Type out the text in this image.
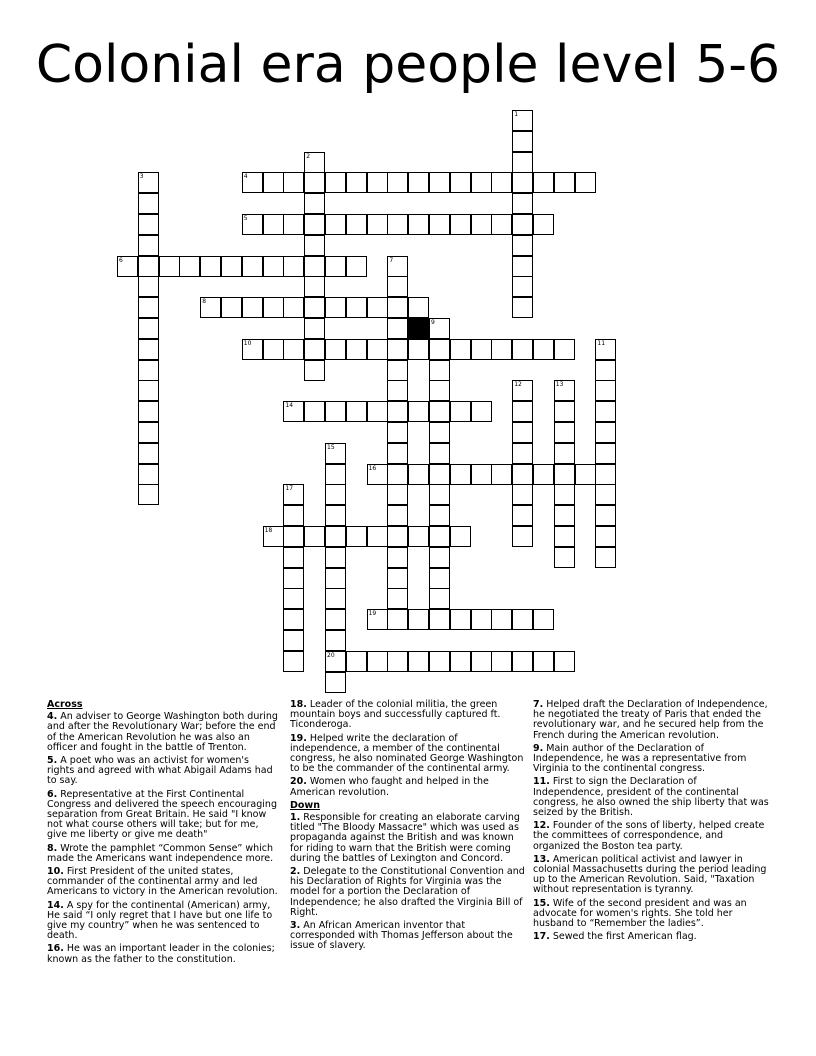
Colonial era people level 5-6
1
2
3	4
5
6	7
8
9
10	11
12	13
14
15
20
16
17
18
19
Across
4. An adviser to George Washington both during and after the Revolutionary War; before the end of the American Revolution he was also an officer and fought in the battle of Trenton.
5. A poet who was an activist for women's rights and agreed with what Abigail Adams had to say.
6. Representative at the First Continental Congress and delivered the speech encouraging separation from Great Britain. He said "I know not what course others will take; but for me, give me liberty or give me death"
8. Wrote the pamphlet “Common Sense” which made the Americans want independence more.
10. First President of the united states, commander of the continental army and led Americans to victory in the American revolution.
14. A spy for the continental (American) army, He said “I only regret that I have but one life to give my country” when he was sentenced to death.
16. He was an important leader in the colonies; known as the father to the constitution.
18. Leader of the colonial militia, the green mountain boys and successfully captured ft. Ticonderoga.
19. Helped write the declaration of independence, a member of the continental congress, he also nominated George Washington to be the commander of the continental army.
20. Women who faught and helped in the American revolution.
Down
1. Responsible for creating an elaborate carving titled "The Bloody Massacre" which was used as propaganda against the British and was known for riding to warn that the British were coming during the battles of Lexington and Concord.
2. Delegate to the Constitutional Convention and his Declaration of Rights for Virginia was the model for a portion the Declaration of Independence; he also drafted the Virginia Bill of Right.
3. An African American inventor that corresponded with Thomas Jefferson about the issue of slavery.
7. Helped draft the Declaration of Independence, he negotiated the treaty of Paris that ended the revolutionary war, and he secured help from the French during the American revolution.
9. Main author of the Declaration of Independence, he was a representative from Virginia to the continental congress.
11. First to sign the Declaration of Independence, president of the continental congress, he also owned the ship liberty that was seized by the British.
12. Founder of the sons of liberty, helped create the committees of correspondence, and organized the Boston tea party.
13. American political activist and lawyer in colonial Massachusetts during the period leading up to the American Revolution. Said, "Taxation without representation is tyranny.
15. Wife of the second president and was an advocate for women's rights. She told her husband to “Remember the ladies”.
17. Sewed the first American flag.
